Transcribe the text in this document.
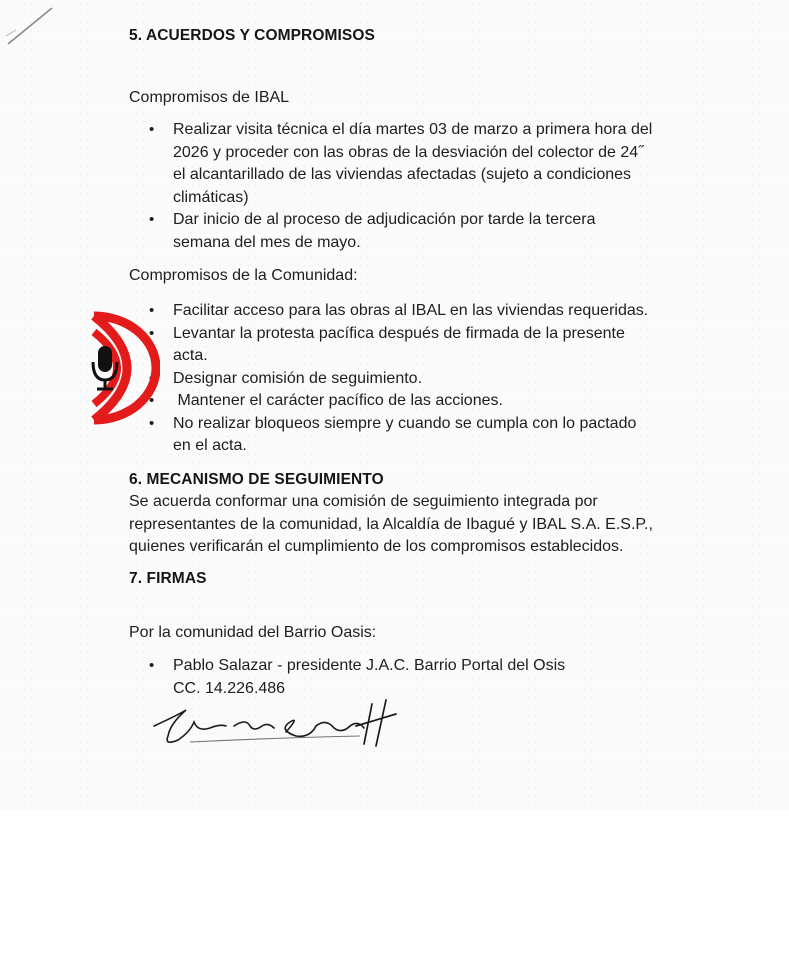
5. ACUERDOS Y COMPROMISOS
Compromisos de IBAL
• Realizar visita técnica el día martes 03 de marzo a primera hora del
2026 y proceder con las obras de la desviación del colector de 24˝
el alcantarillado de las viviendas afectadas (sujeto a condiciones
climáticas)
• Dar inicio de al proceso de adjudicación por tarde la tercera
semana del mes de mayo.
Compromisos de la Comunidad:
• Facilitar acceso para las obras al IBAL en las viviendas requeridas.
• Levantar la protesta pacífica después de firmada de la presente
acta.
• Designar comisión de seguimiento.
•  Mantener el carácter pacífico de las acciones.
• No realizar bloqueos siempre y cuando se cumpla con lo pactado
en el acta.
6. MECANISMO DE SEGUIMIENTO
Se acuerda conformar una comisión de seguimiento integrada por
representantes de la comunidad, la Alcaldía de Ibagué y IBAL S.A. E.S.P.,
quienes verificarán el cumplimiento de los compromisos establecidos.
7. FIRMAS
Por la comunidad del Barrio Oasis:
• Pablo Salazar - presidente J.A.C. Barrio Portal del Osis
CC. 14.226.486
